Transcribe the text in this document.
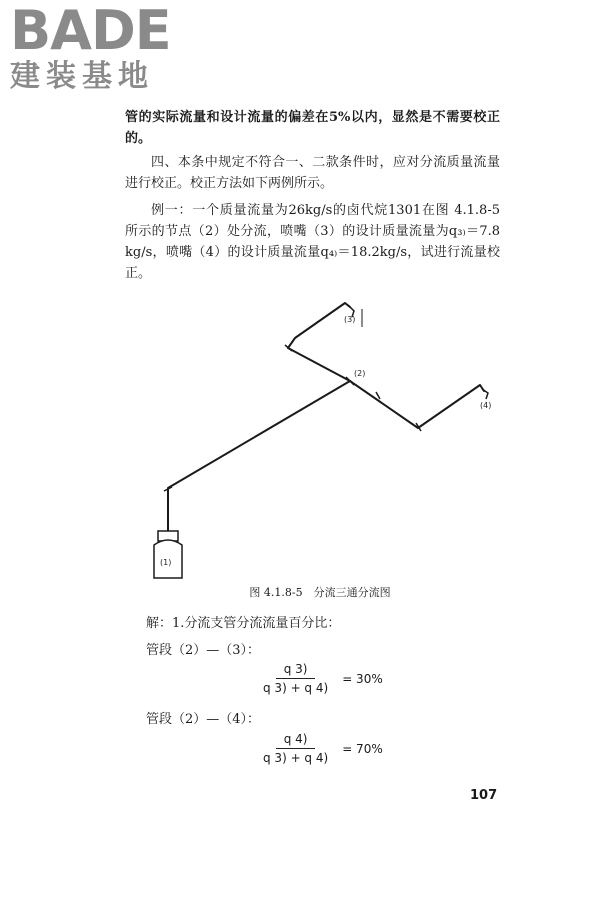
BADE
建装基地
管的实际流量和设计流量的偏差在5%以内，显然是不需要校正的。
四、本条中规定不符合一、二款条件时，应对分流质量流量进行校正。校正方法如下两例所示。
例一：一个质量流量为26kg/s的卤代烷1301在图 4.1.8-5 所示的节点（2）处分流，喷嘴（3）的设计质量流量为q₃₎＝7.8 kg/s，喷嘴（4）的设计质量流量q₄₎＝18.2kg/s，试进行流量校正。
(1)
(2)
(3)
(4)
图 4.1.8-5　分流三通分流图
解：1.分流支管分流流量百分比：
管段（2）—（3）：
$\frac{q 3)}{q 3) + q 4)} = 30\%$
管段（2）—（4）：
$\frac{q 4)}{q 3) + q 4)} = 70\%$
107
